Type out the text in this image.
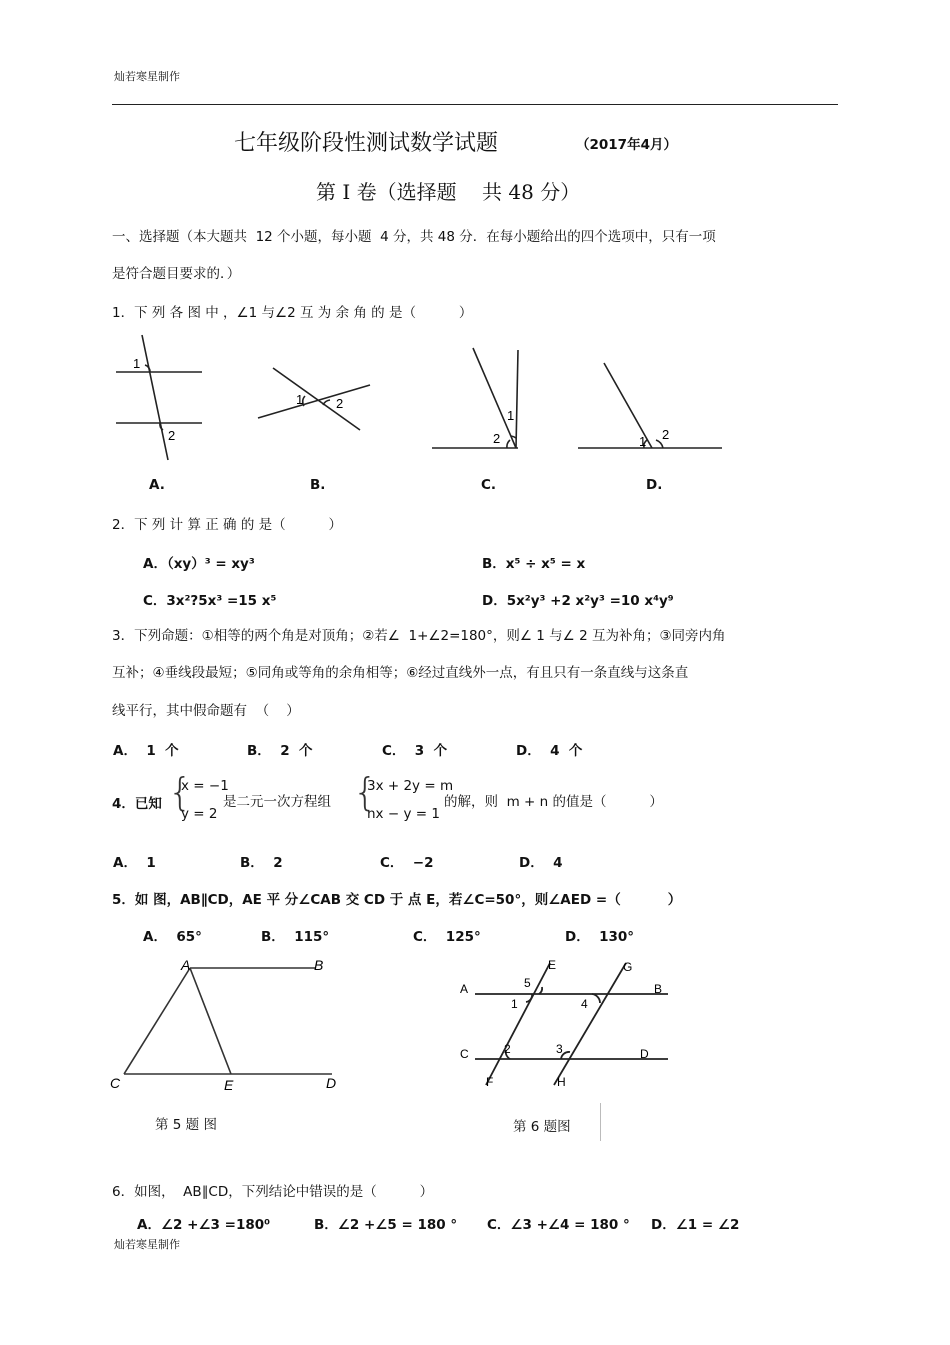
灿若寒星制作
七年级阶段性测试数学试题	（2017年4月）
第 I 卷（选择题    共 48 分）
一、选择题（本大题共  12 个小题，每小题  4 分，共 48 分．在每小题给出的四个选项中，只有一项
是符合题目要求的．）
1．下 列 各 图 中 ，∠1 与∠2 互 为 余 角 的 是（          ）
1
2
1	2
1
2	1 2
A.	B.	C.	D.
2．下 列 计 算 正 确 的 是（          ）
A．（xy）³ = xy³	B．x⁵ ÷ x⁵ = x
C．3x²?5x³ =15 x⁵	D．5x²y³ +2 x²y³ =10 x⁴y⁹
3．下列命题：①相等的两个角是对顶角；②若∠  1+∠2=180°，则∠ 1 与∠ 2 互为补角；③同旁内角
互补；④垂线段最短；⑤同角或等角的余角相等；⑥经过直线外一点，有且只有一条直线与这条直
线平行，其中假命题有  （    ）
A．  1  个	B．  2  个	C．  3  个	D．  4  个
4．已知 {
x = −1
y = 2
是二元一次方程组 {
3x + 2y = m
nx − y = 1
的解，则  m + n 的值是（          ）
A．  1	B．  2	C．  −2	D．  4
5．如 图，AB∥CD，AE 平 分∠CAB 交 CD 于 点 E，若∠C=50°，则∠AED =（          ）
A．  65°	B．  115°	C．  125°	D．  130°
A	B
C	E	D
第 5 题 图
E	G
A	B
5
1	4
C	2	3	D
F	H
第 6 题图
6．如图，  AB∥CD，下列结论中错误的是（          ）
A．∠2 +∠3 =180⁰	B．∠2 +∠5 = 180 ° C．∠3 +∠4 = 180 ° D．∠1 = ∠2
灿若寒星制作
